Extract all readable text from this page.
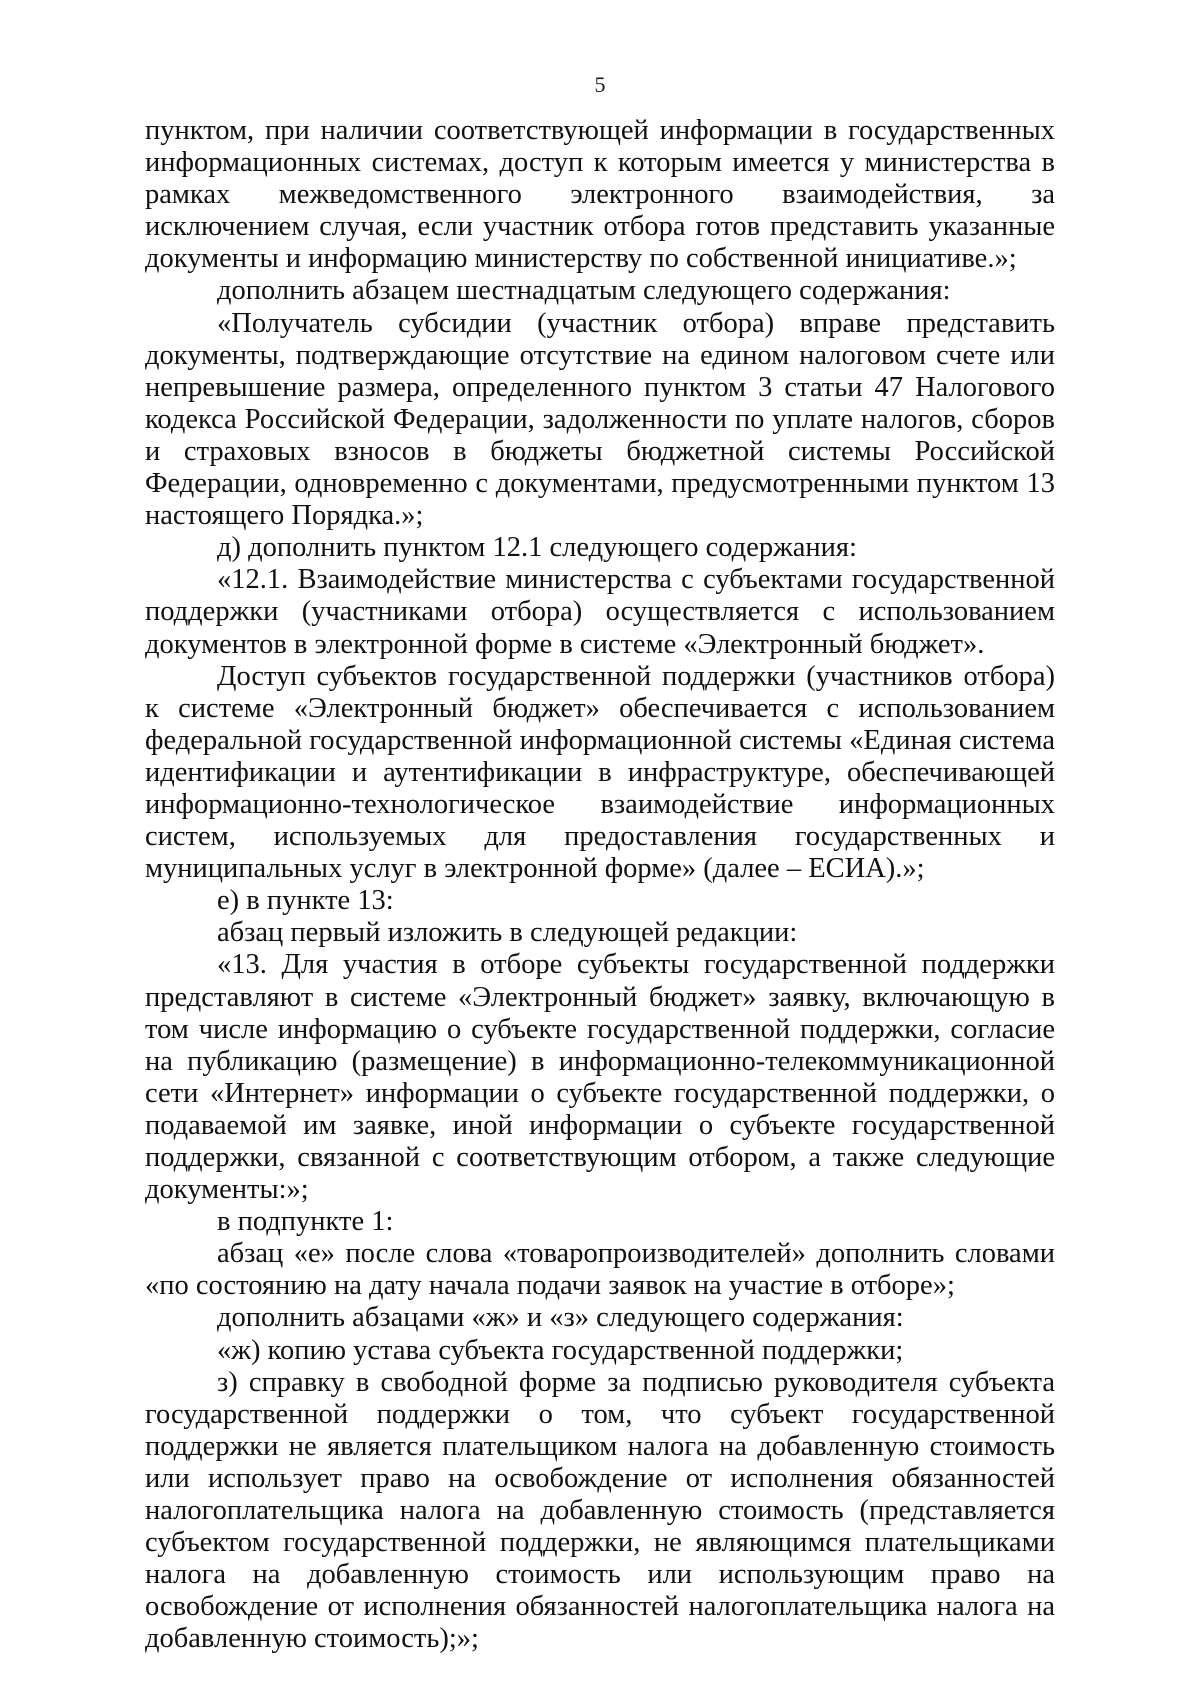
5

пунктом, при наличии соответствующей информации в государственных информационных системах, доступ к которым имеется у министерства в рамках межведомственного электронного взаимодействия, за исключением случая, если участник отбора готов представить указанные документы и информацию министерству по собственной инициативе.»;

дополнить абзацем шестнадцатым следующего содержания:

«Получатель субсидии (участник отбора) вправе представить документы, подтверждающие отсутствие на едином налоговом счете или непревышение размера, определенного пунктом 3 статьи 47 Налогового кодекса Российской Федерации, задолженности по уплате налогов, сборов и страховых взносов в бюджеты бюджетной системы Российской Федерации, одновременно с документами, предусмотренными пунктом 13 настоящего Порядка.»;

д) дополнить пунктом 12.1 следующего содержания:

«12.1. Взаимодействие министерства с субъектами государственной поддержки (участниками отбора) осуществляется с использованием документов в электронной форме в системе «Электронный бюджет».

Доступ субъектов государственной поддержки (участников отбора) к системе «Электронный бюджет» обеспечивается с использованием федеральной государственной информационной системы «Единая система идентификации и аутентификации в инфраструктуре, обеспечивающей информационно-технологическое взаимодействие информационных систем, используемых для предоставления государственных и муниципальных услуг в электронной форме» (далее – ЕСИА).»;

е) в пункте 13:

абзац первый изложить в следующей редакции:

«13. Для участия в отборе субъекты государственной поддержки представляют в системе «Электронный бюджет» заявку, включающую в том числе информацию о субъекте государственной поддержки, согласие на публикацию (размещение) в информационно-телекоммуникационной сети «Интернет» информации о субъекте государственной поддержки, о подаваемой им заявке, иной информации о субъекте государственной поддержки, связанной с соответствующим отбором, а также следующие документы:»;

в подпункте 1:

абзац «е» после слова «товаропроизводителей» дополнить словами «по состоянию на дату начала подачи заявок на участие в отборе»;

дополнить абзацами «ж» и «з» следующего содержания:

«ж) копию устава субъекта государственной поддержки;

з) справку в свободной форме за подписью руководителя субъекта государственной поддержки о том, что субъект государственной поддержки не является плательщиком налога на добавленную стоимость или использует право на освобождение от исполнения обязанностей налогоплательщика налога на добавленную стоимость (представляется субъектом государственной поддержки, не являющимся плательщиками налога на добавленную стоимость или использующим право на освобождение от исполнения обязанностей налогоплательщика налога на добавленную стоимость);»;
